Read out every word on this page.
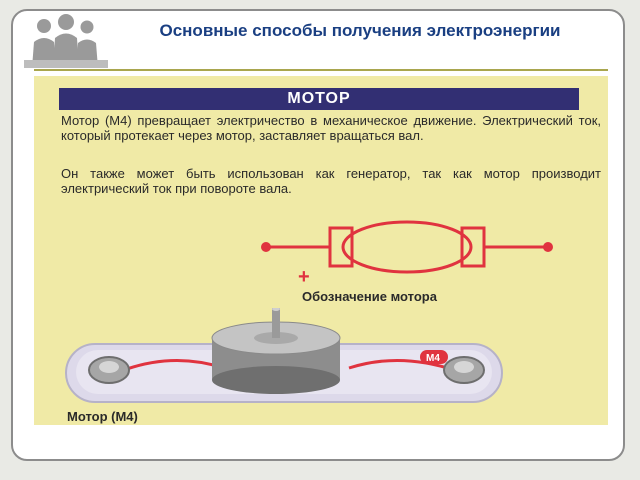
Основные способы получения электроэнергии
МОТОР

Мотор (М4) превращает электричество в механическое движение. Электрический ток, который протекает через мотор, заставляет вращаться вал.

Он также может быть использован как генератор, так как мотор производит электрический ток при повороте вала.

+
Обозначение мотора
M4
Мотор (М4)
